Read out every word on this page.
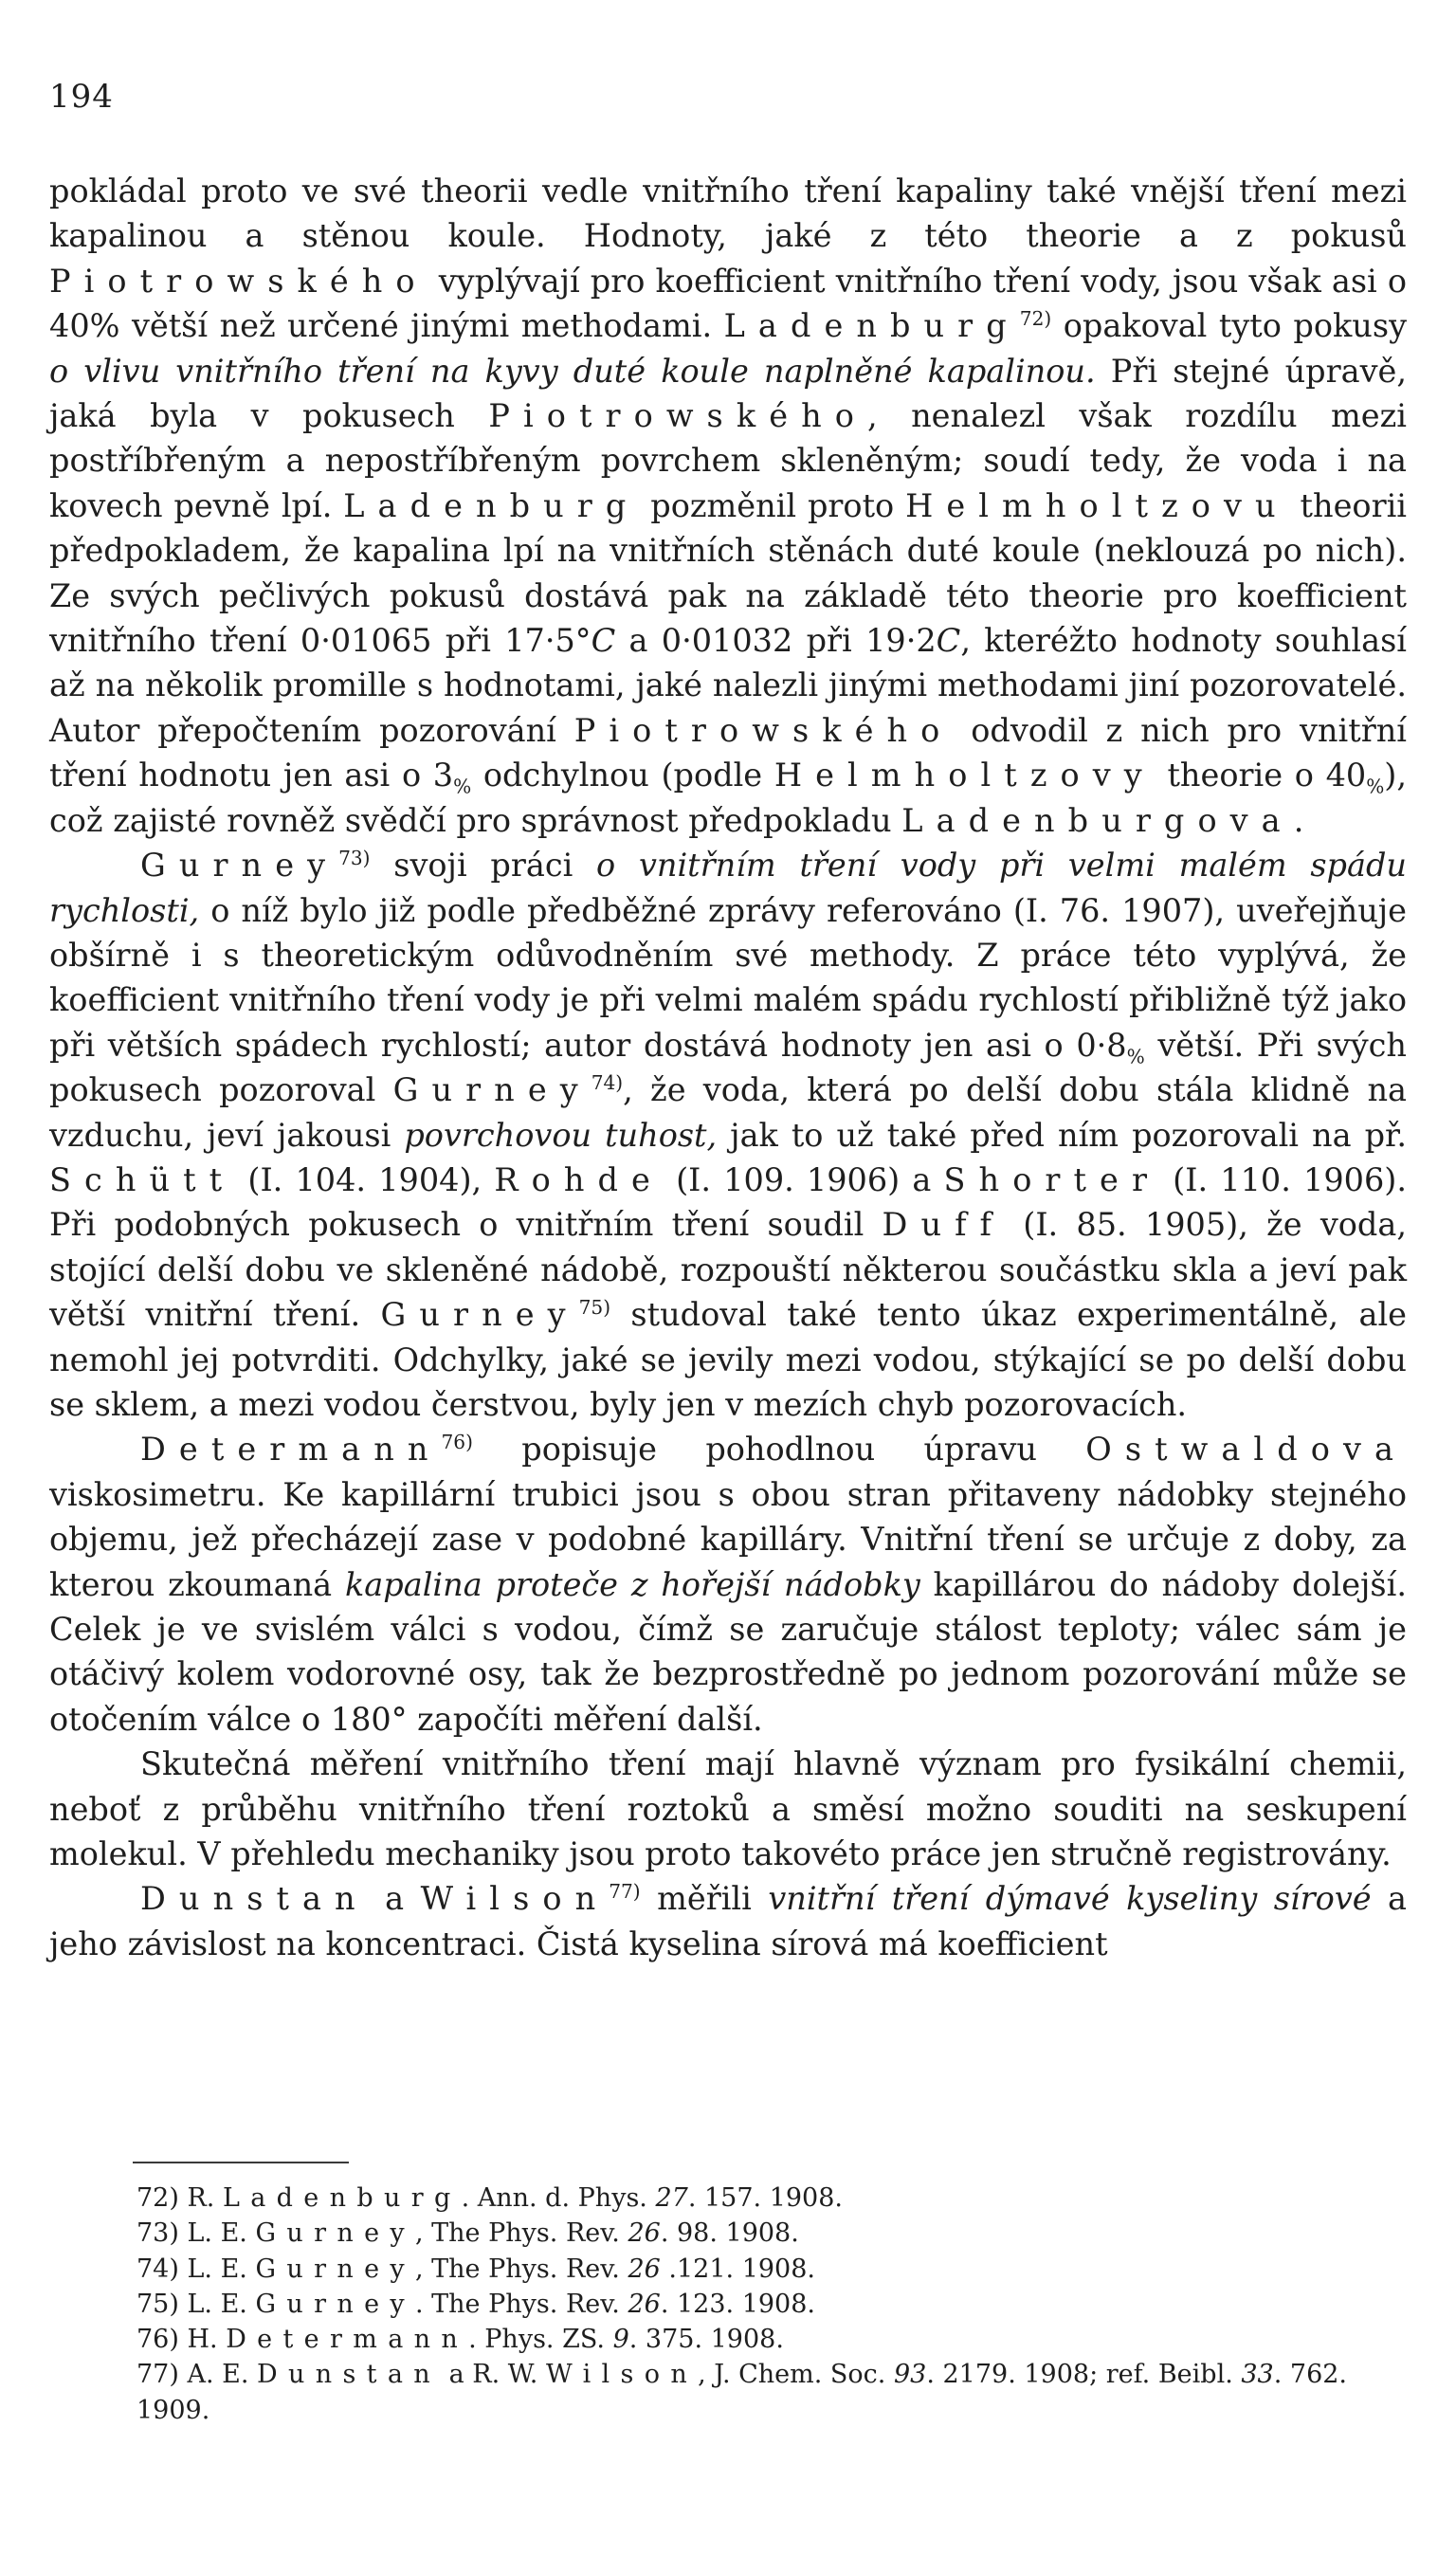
194

pokládal proto ve své theorii vedle vnitřního tření kapaliny také vnější tření mezi kapalinou a stěnou koule. Hodnoty, jaké z této theorie a z pokusů Piotrowského vyplývají pro koefficient vnitřního tření vody, jsou však asi o 40% větší než určené jinými methodami. Ladenburg$^{72)}$ opakoval tyto pokusy o vlivu vnitřního tření na kyvy duté koule naplněné kapalinou. Při stejné úpravě, jaká byla v pokusech Piotrowského, nenalezl však rozdílu mezi postříbřeným a nepostříbřeným povrchem skleněným; soudí tedy, že voda i na kovech pevně lpí. Ladenburg pozměnil proto Helmholtzovu theorii předpokladem, že kapalina lpí na vnitřních stěnách duté koule (neklouzá po nich). Ze svých pečlivých pokusů dostává pak na základě této theorie pro koefficient vnitřního tření 0·01065 při 17·5°C a 0·01032 při 19·2C, kteréžto hodnoty souhlasí až na několik promille s hodnotami, jaké nalezli jinými methodami jiní pozorovatelé. Autor přepočtením pozorování Piotrowského odvodil z nich pro vnitřní tření hodnotu jen asi o $3_{\%}$ odchylnou (podle Helmholtzovy theorie o $40_{\%}$), což zajisté rovněž svědčí pro správnost předpokladu Ladenburgova.

Gurney$^{73)}$ svoji práci o vnitřním tření vody při velmi malém spádu rychlosti, o níž bylo již podle předběžné zprávy referováno (I. 76. 1907), uveřejňuje obšírně i s theoretickým odůvodněním své methody. Z práce této vyplývá, že koefficient vnitřního tření vody je při velmi malém spádu rychlostí přibližně týž jako při větších spádech rychlostí; autor dostává hodnoty jen asi o $0\cdot 8_{\%}$ větší. Při svých pokusech pozoroval Gurney$^{74)}$, že voda, která po delší dobu stála klidně na vzduchu, jeví jakousi povrchovou tuhost, jak to už také před ním pozorovali na př. Schütt (I. 104. 1904), Rohde (I. 109. 1906) a Shorter (I. 110. 1906). Při podobných pokusech o vnitřním tření soudil Duff (I. 85. 1905), že voda, stojící delší dobu ve skleněné nádobě, rozpouští některou součástku skla a jeví pak větší vnitřní tření. Gurney$^{75)}$ studoval také tento úkaz experimentálně, ale nemohl jej potvrditi. Odchylky, jaké se jevily mezi vodou, stýkající se po delší dobu se sklem, a mezi vodou čerstvou, byly jen v mezích chyb pozorovacích.

Determann$^{76)}$ popisuje pohodlnou úpravu Ostwaldova viskosimetru. Ke kapillární trubici jsou s obou stran přitaveny nádobky stejného objemu, jež přecházejí zase v podobné kapilláry. Vnitřní tření se určuje z doby, za kterou zkoumaná kapalina proteče z hořejší nádobky kapillárou do nádoby dolejší. Celek je ve svislém válci s vodou, čímž se zaručuje stálost teploty; válec sám je otáčivý kolem vodorovné osy, tak že bezprostředně po jednom pozorování může se otočením válce o 180° započíti měření další.

Skutečná měření vnitřního tření mají hlavně význam pro fysikální chemii, neboť z průběhu vnitřního tření roztoků a směsí možno souditi na seskupení molekul. V přehledu mechaniky jsou proto takovéto práce jen stručně registrovány.

Dunstan a Wilson$^{77)}$ měřili vnitřní tření dýmavé kyseliny sírové a jeho závislost na koncentraci. Čistá kyselina sírová má koefficient

72) R. Ladenburg. Ann. d. Phys. 27. 157. 1908.
73) L. E. Gurney, The Phys. Rev. 26. 98. 1908.
74) L. E. Gurney, The Phys. Rev. 26 .121. 1908.
75) L. E. Gurney. The Phys. Rev. 26. 123. 1908.
76) H. Determann. Phys. ZS. 9. 375. 1908.
77) A. E. Dunstan a R. W. Wilson, J. Chem. Soc. 93. 2179. 1908; ref. Beibl. 33. 762. 1909.
